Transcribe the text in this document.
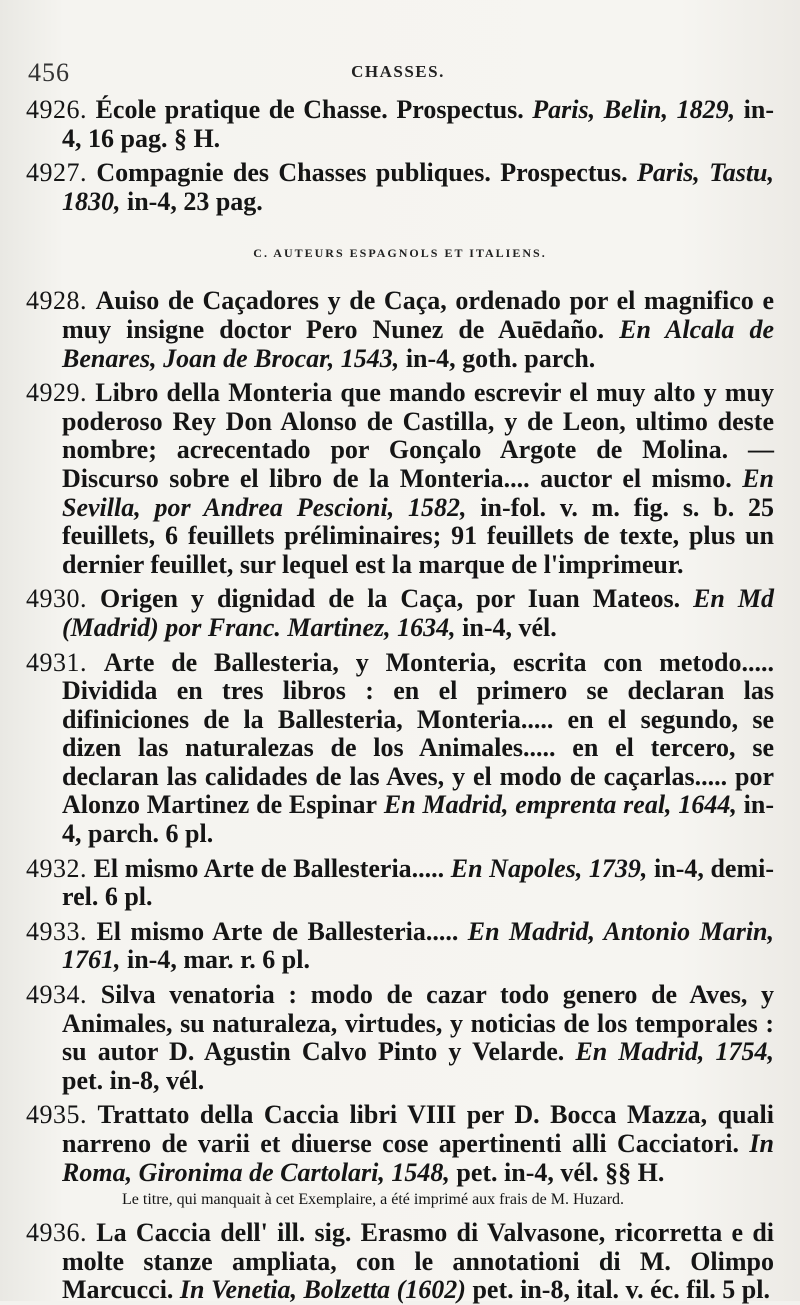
456	CHASSES.

4926. École pratique de Chasse. Prospectus. Paris, Belin, 1829, in-4, 16 pag. § H.

4927. Compagnie des Chasses publiques. Prospectus. Paris, Tastu, 1830, in-4, 23 pag.

C. AUTEURS ESPAGNOLS ET ITALIENS.

4928. Auiso de Caçadores y de Caça, ordenado por el magnifico e muy insigne doctor Pero Nunez de Auēdaño. En Alcala de Benares, Joan de Brocar, 1543, in-4, goth. parch.

4929. Libro della Monteria que mando escrevir el muy alto y muy poderoso Rey Don Alonso de Castilla, y de Leon, ultimo deste nombre; acrecentado por Gonçalo Argote de Molina. — Discurso sobre el libro de la Monteria.... auctor el mismo. En Sevilla, por Andrea Pescioni, 1582, in-fol. v. m. fig. s. b. 25 feuillets, 6 feuillets préliminaires; 91 feuillets de texte, plus un dernier feuillet, sur lequel est la marque de l'imprimeur.

4930. Origen y dignidad de la Caça, por Iuan Mateos. En Md (Madrid) por Franc. Martinez, 1634, in-4, vél.

4931. Arte de Ballesteria, y Monteria, escrita con metodo..... Dividida en tres libros : en el primero se declaran las difiniciones de la Ballesteria, Monteria..... en el segundo, se dizen las naturalezas de los Animales..... en el tercero, se declaran las calidades de las Aves, y el modo de caçarlas..... por Alonzo Martinez de Espinar En Madrid, emprenta real, 1644, in-4, parch. 6 pl.

4932. El mismo Arte de Ballesteria..... En Napoles, 1739, in-4, demi-rel. 6 pl.

4933. El mismo Arte de Ballesteria..... En Madrid, Antonio Marin, 1761, in-4, mar. r. 6 pl.

4934. Silva venatoria : modo de cazar todo genero de Aves, y Animales, su naturaleza, virtudes, y noticias de los temporales : su autor D. Agustin Calvo Pinto y Velarde. En Madrid, 1754, pet. in-8, vél.

4935. Trattato della Caccia libri VIII per D. Bocca Mazza, quali narreno de varii et diuerse cose apertinenti alli Cacciatori. In Roma, Gironima de Cartolari, 1548, pet. in-4, vél. §§ H.

Le titre, qui manquait à cet Exemplaire, a été imprimé aux frais de M. Huzard.

4936. La Caccia dell' ill. sig. Erasmo di Valvasone, ricorretta e di molte stanze ampliata, con le annotationi di M. Olimpo Marcucci. In Venetia, Bolzetta (1602) pet. in-8, ital. v. éc. fil. 5 pl.
